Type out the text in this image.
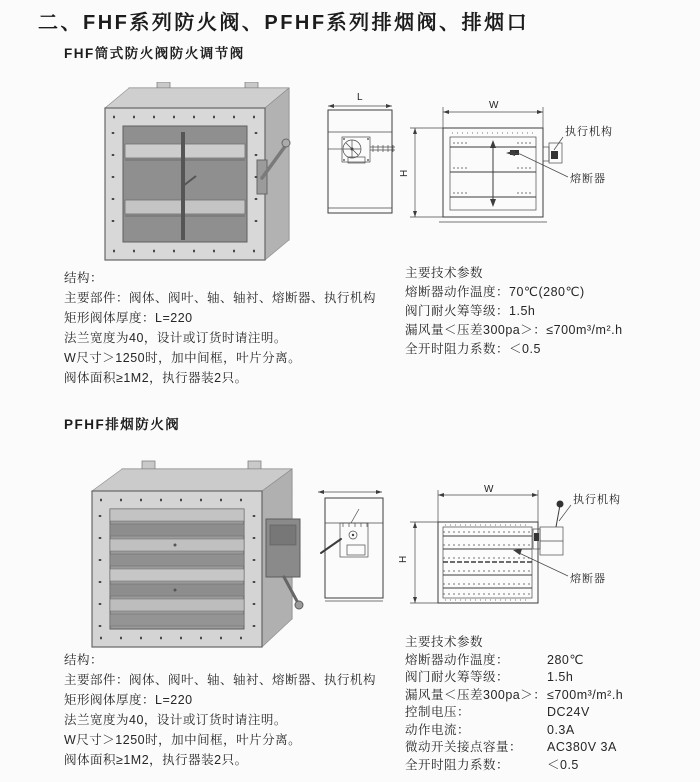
二、FHF系列防火阀、PFHF系列排烟阀、排烟口
FHF筒式防火阀防火调节阀
L
W
H
执行机构
熔断器
结构：
主要部件：阀体、阀叶、轴、轴衬、熔断器、执行机构
矩形阀体厚度：L=220
法兰宽度为40，设计或订货时请注明。
W尺寸＞1250时，加中间框，叶片分离。
阀体面积≥1M2，执行器装2只。
主要技术参数
熔断器动作温度：70℃(280℃)
阀门耐火筹等级：1.5h
漏风量＜压差300pa＞：≤700m³/m².h
全开时阻力系数：＜0.5
PFHF排烟防火阀
W
H
执行机构
熔断器
结构：
主要部件：阀体、阀叶、轴、轴衬、熔断器、执行机构
矩形阀体厚度：L=220
法兰宽度为40，设计或订货时请注明。
W尺寸＞1250时，加中间框，叶片分离。
阀体面积≥1M2，执行器装2只。
主要技术参数
熔断器动作温度：	280℃
阀门耐火筹等级：	1.5h
漏风量＜压差300pa＞：≤700m³/m².h
控制电压：	DC24V
动作电流：	0.3A
微动开关接点容量： AC380V 3A
全开时阻力系数：	＜0.5
